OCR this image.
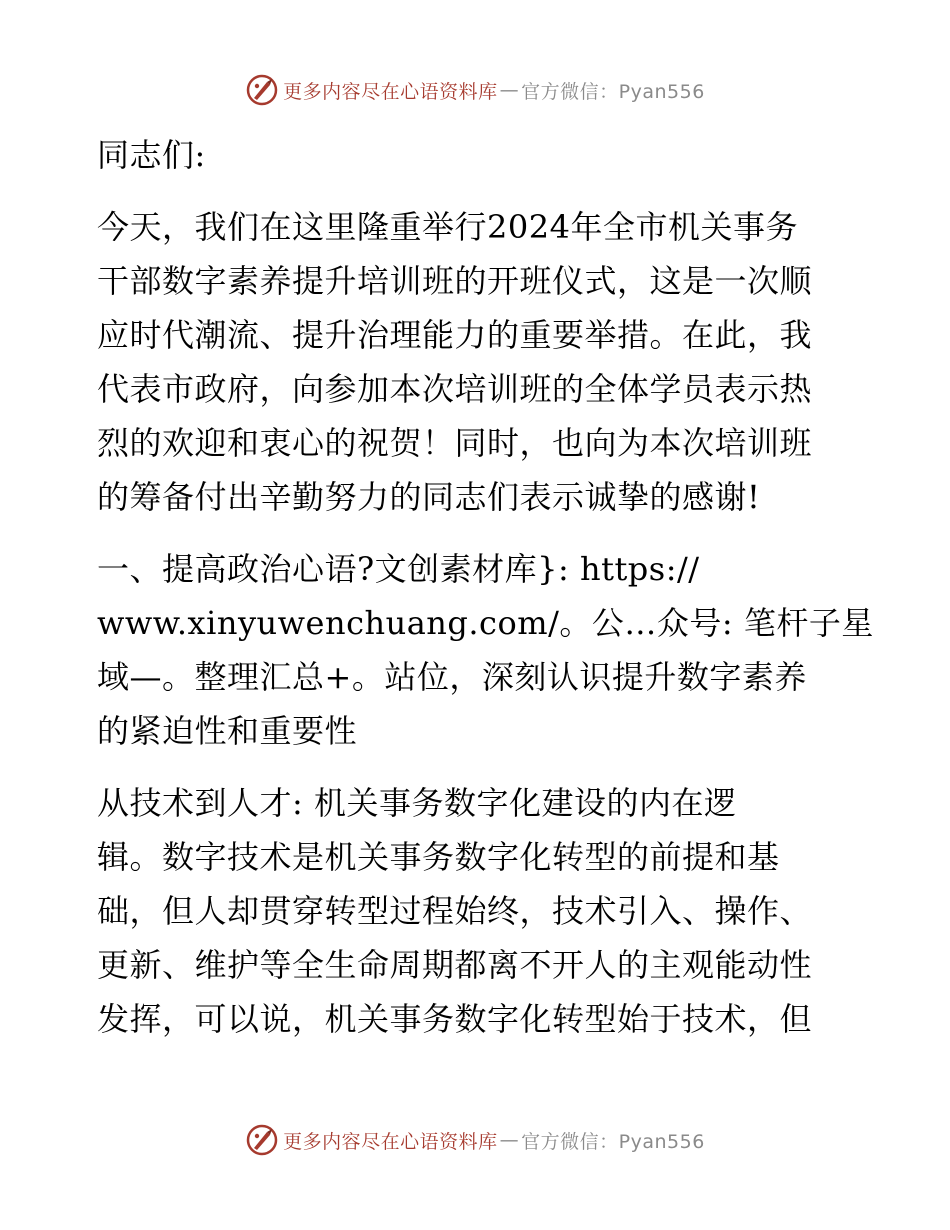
更多内容尽在心语资料库 — 官方微信：Pyan556

同志们:

今天，我们在这里隆重举行2024年全市机关事务
干部数字素养提升培训班的开班仪式，这是一次顺
应时代潮流、提升治理能力的重要举措。在此，我
代表市政府，向参加本次培训班的全体学员表示热
烈的欢迎和衷心的祝贺！同时，也向为本次培训班
的筹备付出辛勤努力的同志们表示诚挚的感谢!

一、提高政治心语?文创素材库}: https://
www.xinyuwenchuang.com/。公…众号: 笔杆子星
域—。整理汇总+。站位，深刻认识提升数字素养
的紧迫性和重要性

从技术到人才: 机关事务数字化建设的内在逻
辑。数字技术是机关事务数字化转型的前提和基
础，但人却贯穿转型过程始终，技术引入、操作、
更新、维护等全生命周期都离不开人的主观能动性
发挥，可以说，机关事务数字化转型始于技术，但

更多内容尽在心语资料库 — 官方微信：Pyan556
